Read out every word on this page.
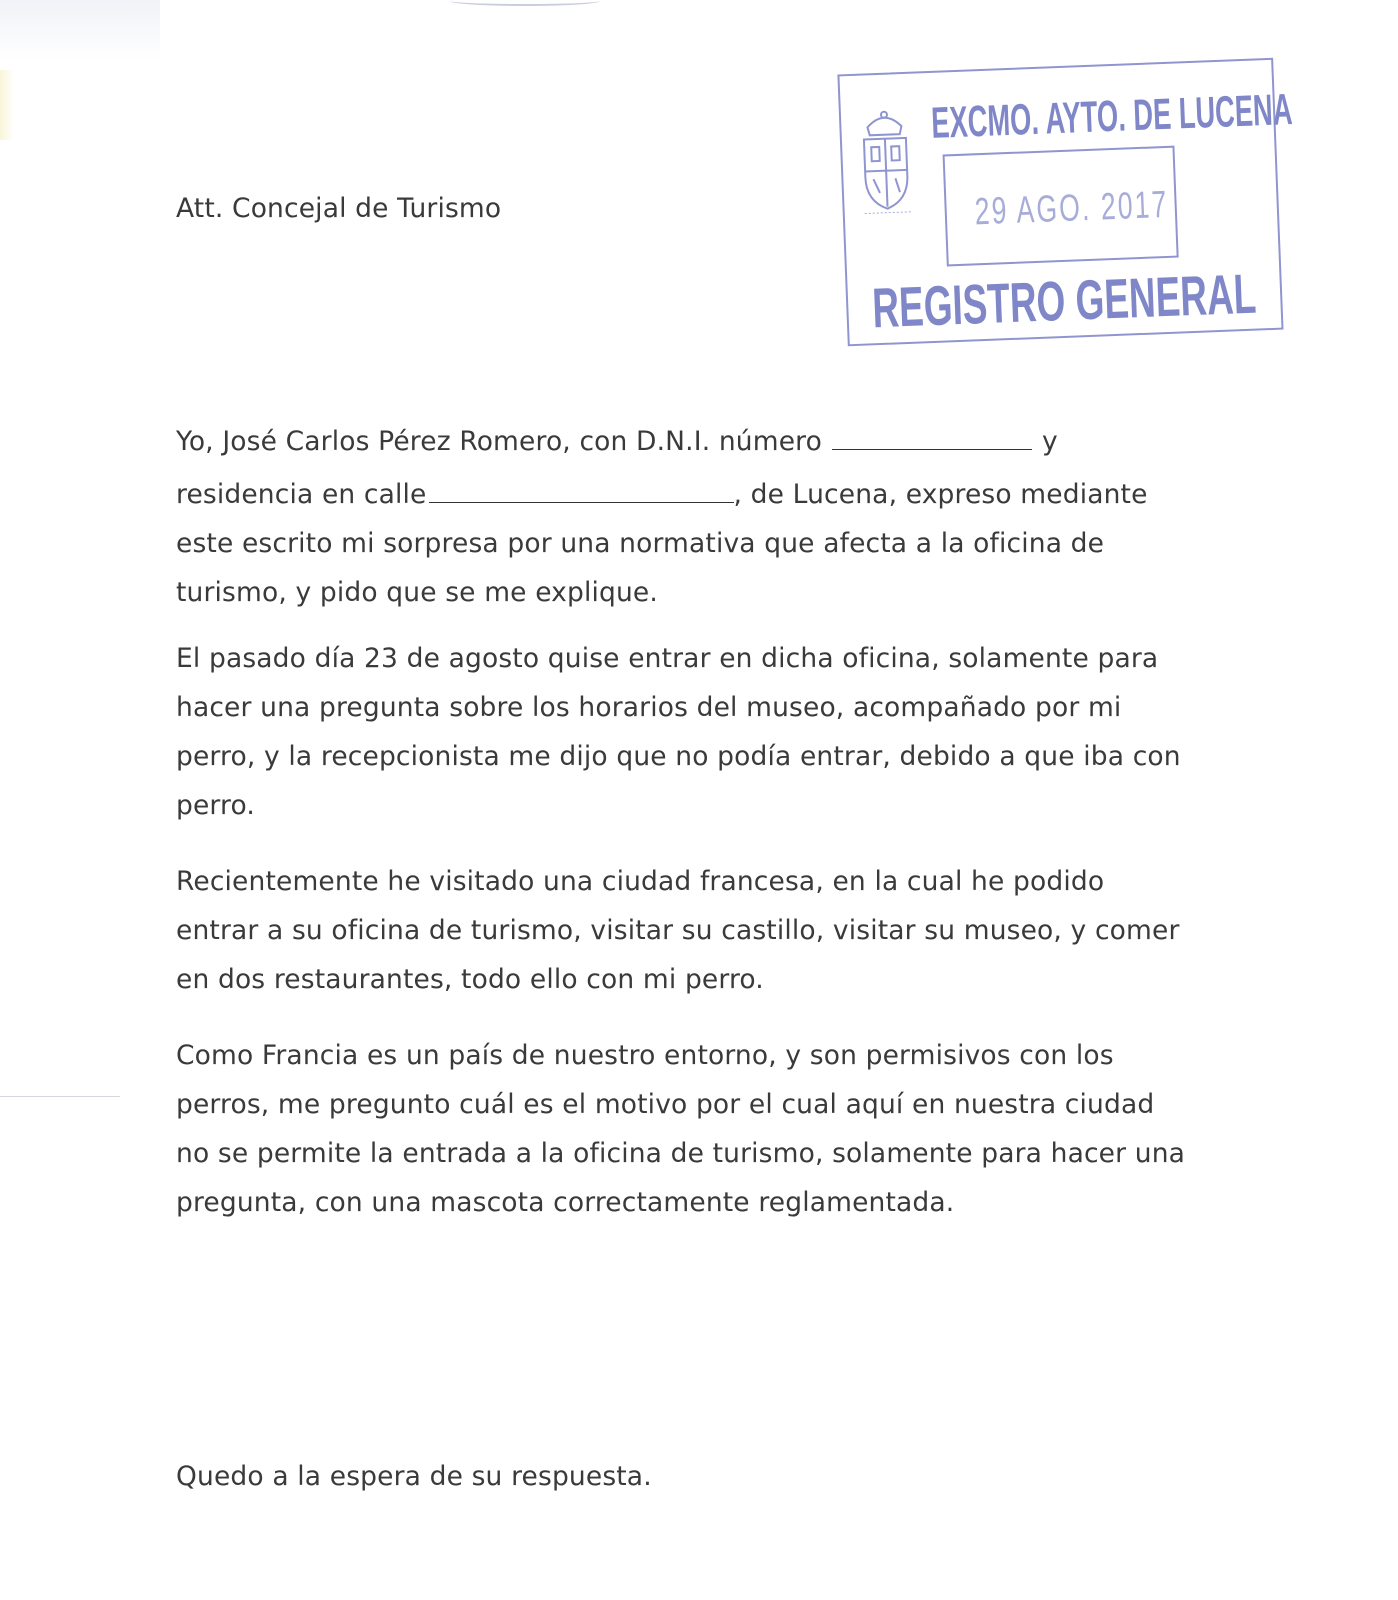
EXCMO. AYTO. DE LUCENA
29 AGO. 2017
REGISTRO GENERAL
Att. Concejal de Turismo
Yo, José Carlos Pérez Romero, con D.N.I. número	y
residencia en calle	, de Lucena, expreso mediante
este escrito mi sorpresa por una normativa que afecta a la oficina de
turismo, y pido que se me explique.
El pasado día 23 de agosto quise entrar en dicha oficina, solamente para
hacer una pregunta sobre los horarios del museo, acompañado por mi
perro, y la recepcionista me dijo que no podía entrar, debido a que iba con
perro.
Recientemente he visitado una ciudad francesa, en la cual he podido
entrar a su oficina de turismo, visitar su castillo, visitar su museo, y comer
en dos restaurantes, todo ello con mi perro.
Como Francia es un país de nuestro entorno, y son permisivos con los
perros, me pregunto cuál es el motivo por el cual aquí en nuestra ciudad
no se permite la entrada a la oficina de turismo, solamente para hacer una
pregunta, con una mascota correctamente reglamentada.
Quedo a la espera de su respuesta.
